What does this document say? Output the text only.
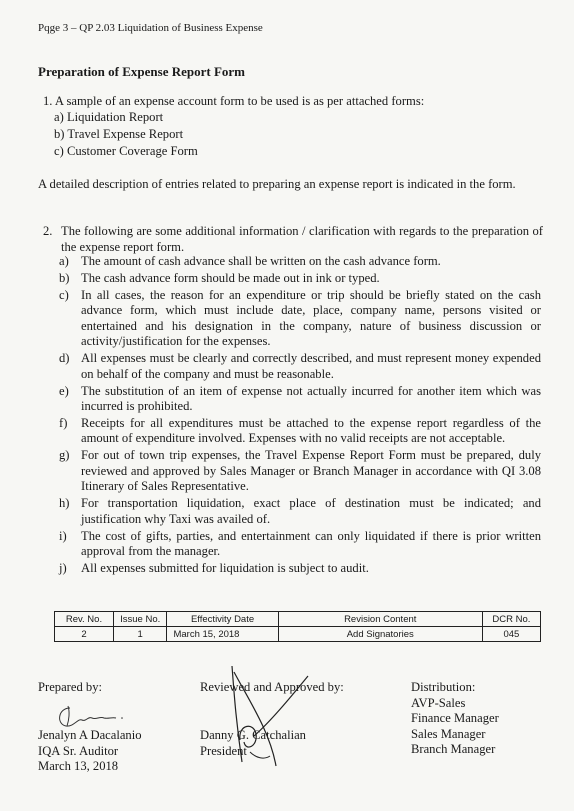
Pqge 3 – QP 2.03 Liquidation of Business Expense
Preparation of Expense Report Form
1. A sample of an expense account form to be used is as per attached forms:
a) Liquidation Report
b) Travel Expense Report
c) Customer Coverage Form
A detailed description of entries related to preparing an expense report is indicated in the form.
2. The following are some additional information / clarification with regards to the preparation of the expense report form.
a) The amount of cash advance shall be written on the cash advance form.
b) The cash advance form should be made out in ink or typed.
c) In all cases, the reason for an expenditure or trip should be briefly stated on the cash advance form, which must include date, place, company name, persons visited or entertained and his designation in the company, nature of business discussion or activity/justification for the expenses.
d) All expenses must be clearly and correctly described, and must represent money expended on behalf of the company and must be reasonable.
e) The substitution of an item of expense not actually incurred for another item which was incurred is prohibited.
f)	Receipts for all expenditures must be attached to the expense report regardless of the amount of expenditure involved. Expenses with no valid receipts are not acceptable.
g) For out of town trip expenses, the Travel Expense Report Form must be prepared, duly reviewed and approved by Sales Manager or Branch Manager in accordance with QI 3.08 Itinerary of Sales Representative.
h) For transportation liquidation, exact place of destination must be indicated; and justification why Taxi was availed of.
i)	The cost of gifts, parties, and entertainment can only liquidated if there is prior written approval from the manager.
j)	All expenses submitted for liquidation is subject to audit.
Rev. No.	Issue No.	Effectivity Date	Revision Content	DCR No.
2	1	March 15, 2018	Add Signatories	045
Prepared by:
Jenalyn A Dacalanio
IQA Sr. Auditor
March 13, 2018
Reviewed and Approved by:
Danny G. Catchalian
President
Distribution:
AVP-Sales
Finance Manager
Sales Manager
Branch Manager
